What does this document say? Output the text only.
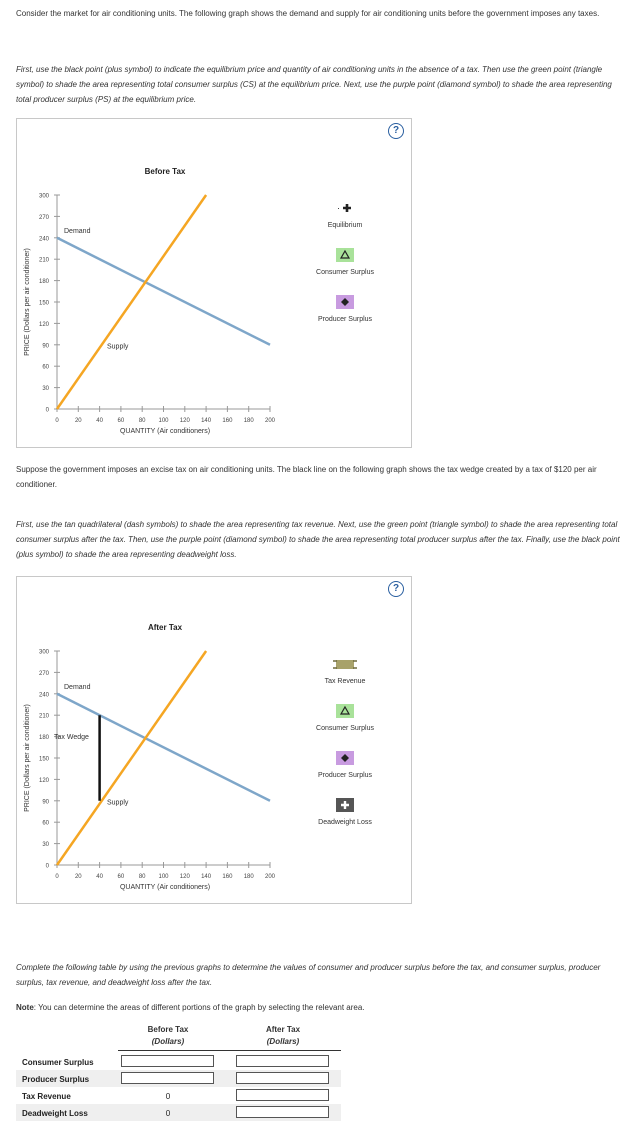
Consider the market for air conditioning units. The following graph shows the demand and supply for air conditioning units before the government imposes any taxes.
First, use the black point (plus symbol) to indicate the equilibrium price and quantity of air conditioning units in the absence of a tax. Then use the green point (triangle symbol) to shade the area representing total consumer surplus (CS) at the equilibrium price. Next, use the purple point (diamond symbol) to shade the area representing total producer surplus (PS) at the equilibrium price.
?
Before Tax
0
30
60
90
120
150
180
210
240
270
300
0	20 40 60 80 100 120 140 160 180 200
QUANTITY (Air conditioners)
PRICE (Dollars per air conditioner)
Demand
Supply
·
Equilibrium
Consumer Surplus
Producer Surplus
Suppose the government imposes an excise tax on air conditioning units. The black line on the following graph shows the tax wedge created by a tax of $120 per air conditioner.
First, use the tan quadrilateral (dash symbols) to shade the area representing tax revenue. Next, use the green point (triangle symbol) to shade the area representing total consumer surplus after the tax. Then, use the purple point (diamond symbol) to shade the area representing total producer surplus after the tax. Finally, use the black point (plus symbol) to shade the area representing deadweight loss.
?
After Tax
0
30
60
90
120
150
180
210
240
270
300
0	20 40 60 80 100 120 140 160 180 200
QUANTITY (Air conditioners)
PRICE (Dollars per air conditioner)
Demand
Supply
Tax Wedge
Tax Revenue
Consumer Surplus
Producer Surplus
Deadweight Loss
Complete the following table by using the previous graphs to determine the values of consumer and producer surplus before the tax, and consumer surplus, producer surplus, tax revenue, and deadweight loss after the tax.
Note: You can determine the areas of different portions of the graph by selecting the relevant area.
Before Tax
(Dollars)
After Tax
(Dollars)
Consumer Surplus
Producer Surplus
Tax Revenue	0
Deadweight Loss	0
